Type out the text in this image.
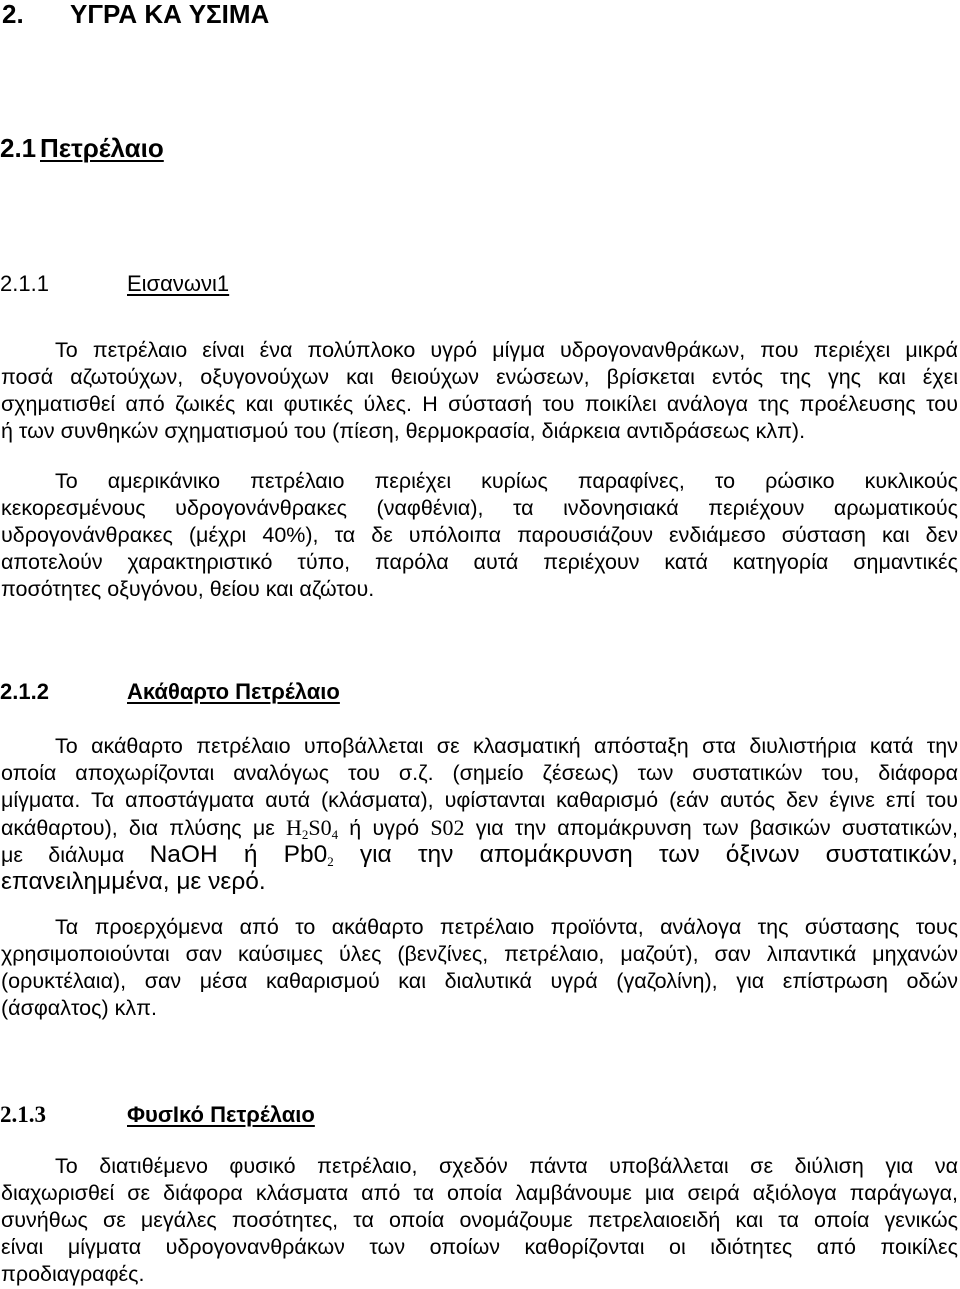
2. ΥΓΡΑ ΚΑ ΥΣΙΜΑ
2.1 Πετρέλαιο
2.1.1	Εισανωνι1
Το πετρέλαιο είναι ένα πολύπλοκο υγρό μίγμα υδρογονανθράκων, που περιέχει μικρά
ποσά αζωτούχων, οξυγονούχων και θειούχων ενώσεων, βρίσκεται εντός της γης και έχει
σχηματισθεί από ζωικές και φυτικές ύλες. Η σύστασή του ποικίλει ανάλογα της προέλευσης του
ή των συνθηκών σχηματισμού του (πίεση, θερμοκρασία, διάρκεια αντιδράσεως κλπ).
Το αμερικάνικο πετρέλαιο περιέχει κυρίως παραφίνες, το ρώσικο κυκλικούς
κεκορεσμένους υδρογονάνθρακες (ναφθένια), τα ινδονησιακά περιέχουν αρωματικούς
υδρογονάνθρακες (μέχρι 40%), τα δε υπόλοιπα παρουσιάζουν ενδιάμεσο σύσταση και δεν
αποτελούν χαρακτηριστικό τύπο, παρόλα αυτά περιέχουν κατά κατηγορία σημαντικές
ποσότητες οξυγόνου, θείου και αζώτου.
2.1.2	Ακάθαρτο Πετρέλαιο
Το ακάθαρτο πετρέλαιο υποβάλλεται σε κλασματική απόσταξη στα διυλιστήρια κατά την
οποία αποχωρίζονται αναλόγως του σ.ζ. (σημείο ζέσεως) των συστατικών του, διάφορα
μίγματα. Τα αποστάγματα αυτά (κλάσματα), υφίστανται καθαρισμό (εάν αυτός δεν έγινε επί του
ακάθαρτου), δια πλύσης με $H_2S0_4$ ή υγρό S02 για την απομάκρυνση των βασικών συστατικών,
με διάλυμα NaOH ή $Pb0_2$ για την απομάκρυνση των όξινων συστατικών,
επανειλημμένα, με νερό.
Τα προερχόμενα από το ακάθαρτο πετρέλαιο προϊόντα, ανάλογα της σύστασης τους
χρησιμοποιούνται σαν καύσιμες ύλες (βενζίνες, πετρέλαιο, μαζούτ), σαν λιπαντικά μηχανών
(ορυκτέλαια), σαν μέσα καθαρισμού και διαλυτικά υγρά (γαζολίνη), για επίστρωση οδών
(άσφαλτος) κλπ.
2.1.3	ΦυσΙκό Πετρέλαιο
Το διατιθέμενο φυσικό πετρέλαιο, σχεδόν πάντα υποβάλλεται σε διύλιση για να
διαχωρισθεί σε διάφορα κλάσματα από τα οποία λαμβάνουμε μια σειρά αξιόλογα παράγωγα,
συνήθως σε μεγάλες ποσότητες, τα οποία ονομάζουμε πετρελαιοειδή και τα οποία γενικώς
είναι μίγματα υδρογονανθράκων των οποίων καθορίζονται οι ιδιότητες από ποικίλες
προδιαγραφές.
